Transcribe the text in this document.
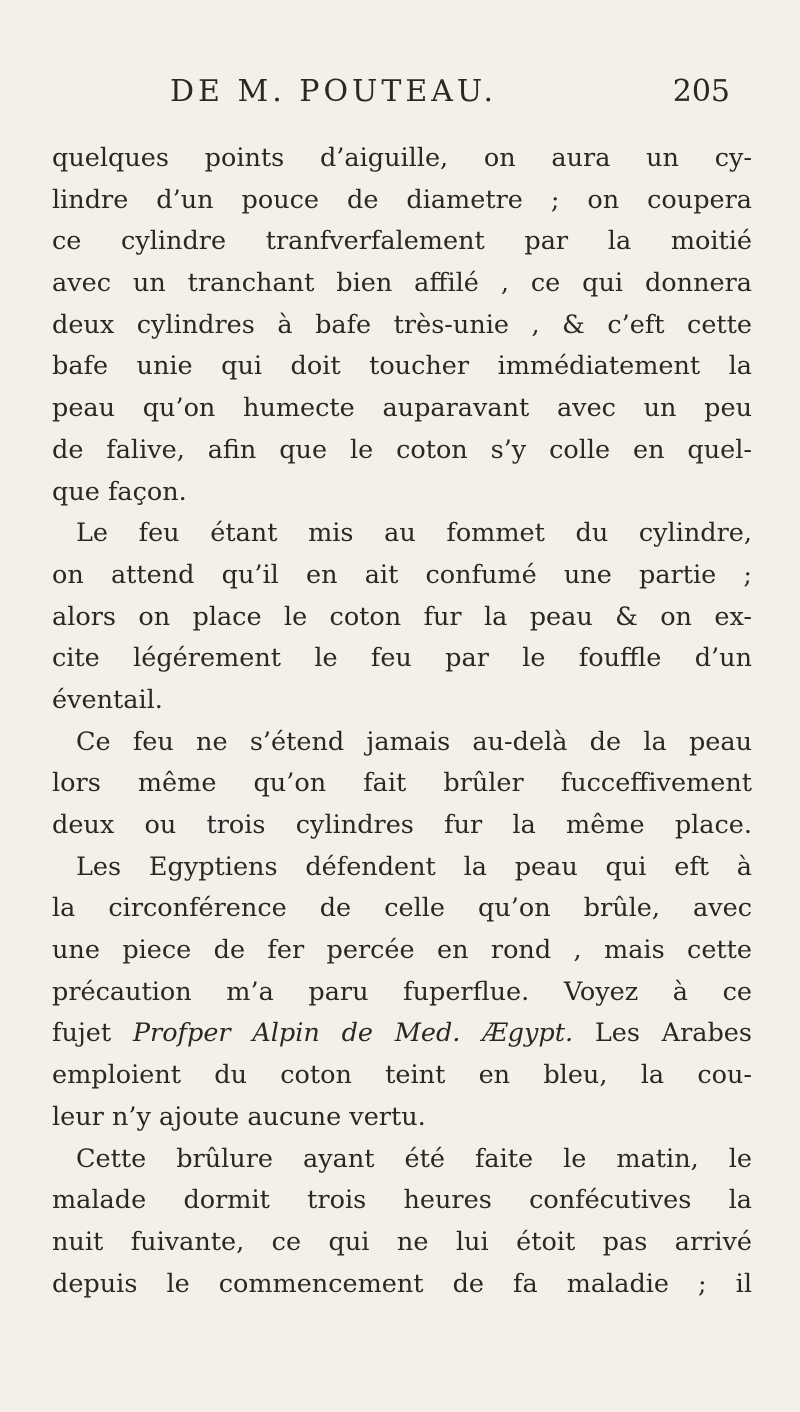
DE M. POUTEAU.	205
quelques points d’aiguille, on aura un cy-
lindre d’un pouce de diametre ; on coupera
ce cylindre tranfverfalement par la moitié
avec un tranchant bien affilé , ce qui donnera
deux cylindres à bafe très-unie , & c’eft cette
bafe unie qui doit toucher immédiatement la
peau qu’on humecte auparavant avec un peu
de falive, afin que le coton s’y colle en quel-
que façon.
Le feu étant mis au fommet du cylindre,
on attend qu’il en ait confumé une partie ;
alors on place le coton fur la peau & on ex-
cite légérement le feu par le fouffle d’un
éventail.
Ce feu ne s’étend jamais au-delà de la peau
lors même qu’on fait brûler fucceffivement
deux ou trois cylindres fur la même place.
Les Egyptiens défendent la peau qui eft à
la circonférence de celle qu’on brûle, avec
une piece de fer percée en rond , mais cette
précaution m’a paru fuperflue. Voyez à ce
fujet Profper Alpin de Med. Ægypt. Les Arabes
emploient du coton teint en bleu, la cou-
leur n’y ajoute aucune vertu.
Cette brûlure ayant été faite le matin, le
malade dormit trois heures confécutives la
nuit fuivante, ce qui ne lui étoit pas arrivé
depuis le commencement de fa maladie ; il
